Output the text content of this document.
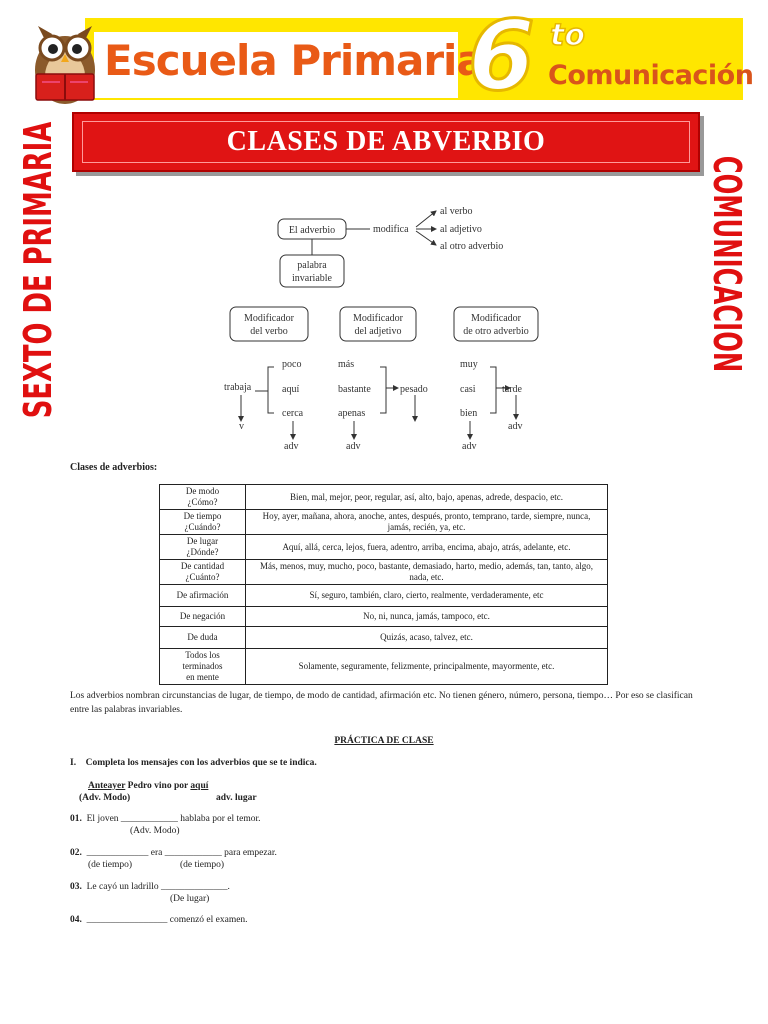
Escuela Primaria
6 to
Comunicación
SEXTO DE PRIMARIA	COMUNICACION
CLASES DE ABVERBIO
El adverbio
palabra
invariable
modifica
al verbo
al adjetivo
al otro adverbio
Modificador
del verbo
Modificador
del adjetivo
Modificador
de otro adverbio
trabaja
poco
aquí
cerca
v
adv
más
bastante
apenas
pesado
adv
muy
casi
bien
tarde
adv
adv
Clases de adverbios:
De modo
¿Cómo?	Bien, mal, mejor, peor, regular, así, alto, bajo, apenas, adrede, despacio, etc.

De tiempo
¿Cuándo?	Hoy, ayer, mañana, ahora, anoche, antes, después, pronto, temprano, tarde, siempre, nunca, jamás, recién, ya, etc.

De lugar
¿Dónde?	Aquí, allá, cerca, lejos, fuera, adentro, arriba, encima, abajo, atrás, adelante, etc.

De cantidad
¿Cuánto?	Más, menos, muy, mucho, poco, bastante, demasiado, harto, medio, además, tan, tanto, algo, nada, etc.

De afirmación	Sí, seguro, también, claro, cierto, realmente, verdaderamente, etc

De negación	No, ni, nunca, jamás, tampoco, etc.

De duda	Quizás, acaso, talvez, etc.

Todos los
terminados
en mente	Solamente, seguramente, felizmente, principalmente, mayormente, etc.
Los adverbios nombran circunstancias de lugar, de tiempo, de modo de cantidad, afirmación etc. No tienen género, número, persona, tiempo… Por eso se clasifican entre las palabras invariables.
PRÁCTICA DE CLASE
I. Completa los mensajes con los adverbios que se te indica.
Anteayer Pedro vino por aquí
(Adv. Modo)	adv. lugar
01. El joven ____________ hablaba por el temor.
(Adv. Modo)
02. _____________ era ____________ para empezar.
(de tiempo)	(de tiempo)
03. Le cayó un ladrillo ______________.
(De lugar)
04. _________________ comenzó el examen.
